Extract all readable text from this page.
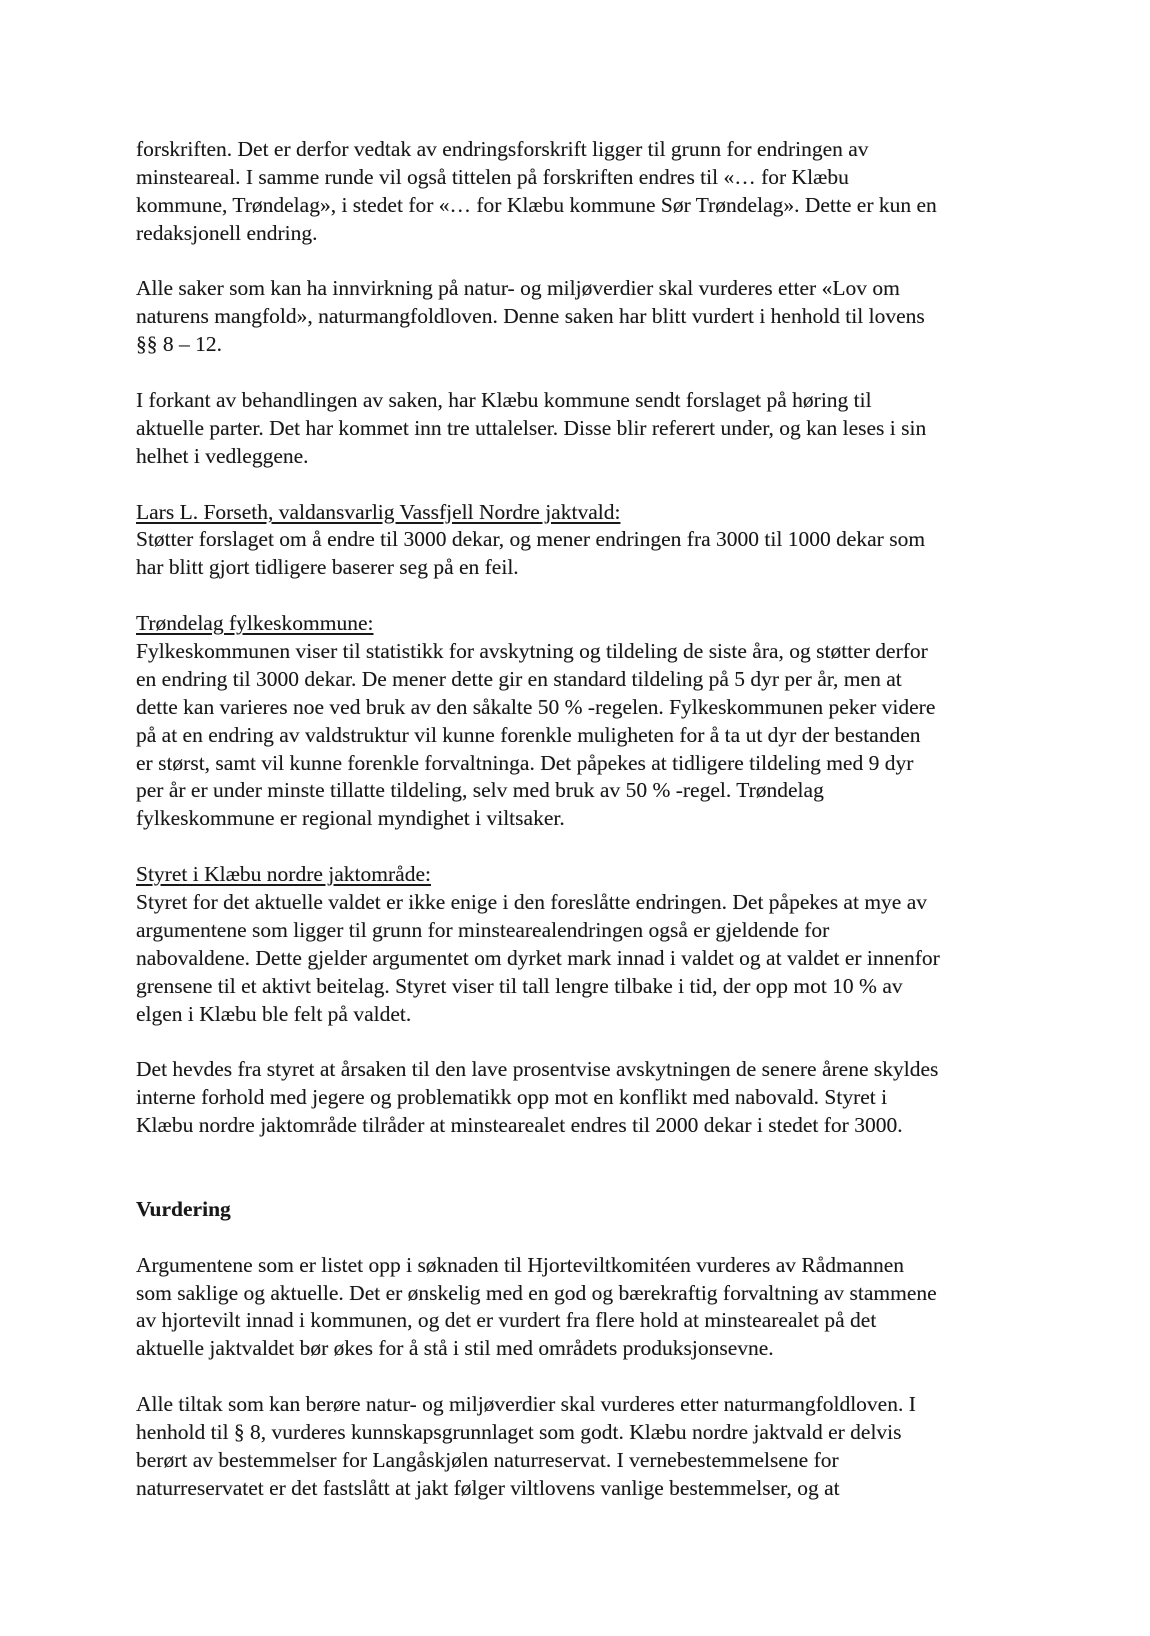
forskriften. Det er derfor vedtak av endringsforskrift ligger til grunn for endringen av
minsteareal. I samme runde vil også tittelen på forskriften endres til «… for Klæbu
kommune, Trøndelag», i stedet for «… for Klæbu kommune Sør Trøndelag». Dette er kun en
redaksjonell endring.
Alle saker som kan ha innvirkning på natur- og miljøverdier skal vurderes etter «Lov om
naturens mangfold», naturmangfoldloven. Denne saken har blitt vurdert i henhold til lovens
§§ 8 – 12.
I forkant av behandlingen av saken, har Klæbu kommune sendt forslaget på høring til
aktuelle parter. Det har kommet inn tre uttalelser. Disse blir referert under, og kan leses i sin
helhet i vedleggene.
Lars L. Forseth, valdansvarlig Vassfjell Nordre jaktvald:
Støtter forslaget om å endre til 3000 dekar, og mener endringen fra 3000 til 1000 dekar som
har blitt gjort tidligere baserer seg på en feil.
Trøndelag fylkeskommune:
Fylkeskommunen viser til statistikk for avskytning og tildeling de siste åra, og støtter derfor
en endring til 3000 dekar. De mener dette gir en standard tildeling på 5 dyr per år, men at
dette kan varieres noe ved bruk av den såkalte 50 % -regelen. Fylkeskommunen peker videre
på at en endring av valdstruktur vil kunne forenkle muligheten for å ta ut dyr der bestanden
er størst, samt vil kunne forenkle forvaltninga. Det påpekes at tidligere tildeling med 9 dyr
per år er under minste tillatte tildeling, selv med bruk av 50 % -regel. Trøndelag
fylkeskommune er regional myndighet i viltsaker.
Styret i Klæbu nordre jaktområde:
Styret for det aktuelle valdet er ikke enige i den foreslåtte endringen. Det påpekes at mye av
argumentene som ligger til grunn for minstearealendringen også er gjeldende for
nabovaldene. Dette gjelder argumentet om dyrket mark innad i valdet og at valdet er innenfor
grensene til et aktivt beitelag. Styret viser til tall lengre tilbake i tid, der opp mot 10 % av
elgen i Klæbu ble felt på valdet.
Det hevdes fra styret at årsaken til den lave prosentvise avskytningen de senere årene skyldes
interne forhold med jegere og problematikk opp mot en konflikt med nabovald. Styret i
Klæbu nordre jaktområde tilråder at minstearealet endres til 2000 dekar i stedet for 3000.
Vurdering
Argumentene som er listet opp i søknaden til Hjorteviltkomitéen vurderes av Rådmannen
som saklige og aktuelle. Det er ønskelig med en god og bærekraftig forvaltning av stammene
av hjortevilt innad i kommunen, og det er vurdert fra flere hold at minstearealet på det
aktuelle jaktvaldet bør økes for å stå i stil med områdets produksjonsevne.
Alle tiltak som kan berøre natur- og miljøverdier skal vurderes etter naturmangfoldloven. I
henhold til § 8, vurderes kunnskapsgrunnlaget som godt. Klæbu nordre jaktvald er delvis
berørt av bestemmelser for Langåskjølen naturreservat. I vernebestemmelsene for
naturreservatet er det fastslått at jakt følger viltlovens vanlige bestemmelser, og at
